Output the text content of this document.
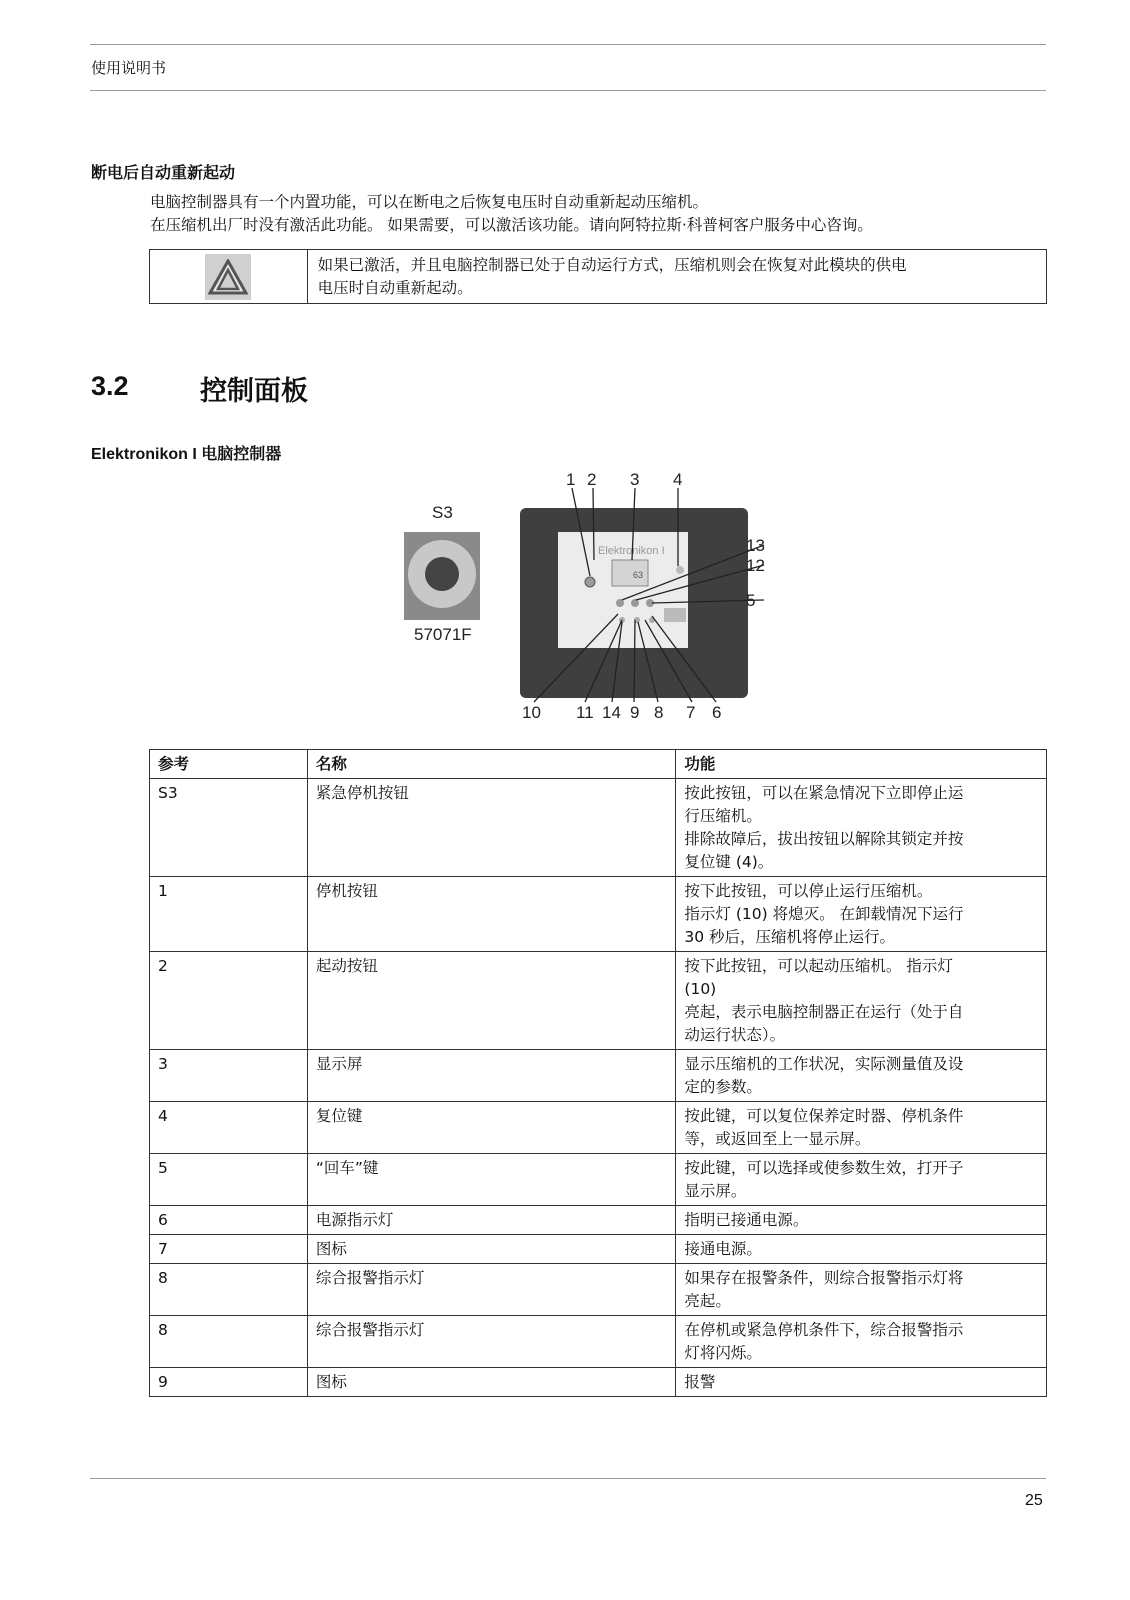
使用说明书
断电后自动重新起动
电脑控制器具有一个内置功能，可以在断电之后恢复电压时自动重新起动压缩机。
在压缩机出厂时没有激活此功能。 如果需要，可以激活该功能。请向阿特拉斯·科普柯客户服务中心咨询。
如果已激活，并且电脑控制器已处于自动运行方式，压缩机则会在恢复对此模块的供电
电压时自动重新起动。
3.2	控制面板
Elektronikon I 电脑控制器
S3
57071F
Elektronikon I
63
1 2 3 4
13
12
5
10 11 14 9 8 7 6
参考	名称	功能
S3	紧急停机按钮	按此按钮，可以在紧急情况下立即停止运
行压缩机。
排除故障后，拔出按钮以解除其锁定并按
复位键 (4)。

1	停机按钮	按下此按钮，可以停止运行压缩机。
指示灯 (10) 将熄灭。 在卸载情况下运行
30 秒后，压缩机将停止运行。

2	起动按钮	按下此按钮，可以起动压缩机。 指示灯
(10)
亮起，表示电脑控制器正在运行（处于自
动运行状态）。

3	显示屏	显示压缩机的工作状况，实际测量值及设
定的参数。

4	复位键	按此键，可以复位保养定时器、停机条件
等，或返回至上一显示屏。

5	“回车”键	按此键，可以选择或使参数生效，打开子
显示屏。

6	电源指示灯	指明已接通电源。

7	图标	接通电源。

8	综合报警指示灯	如果存在报警条件，则综合报警指示灯将
亮起。

8	综合报警指示灯	在停机或紧急停机条件下，综合报警指示
灯将闪烁。

9	图标	报警
25
